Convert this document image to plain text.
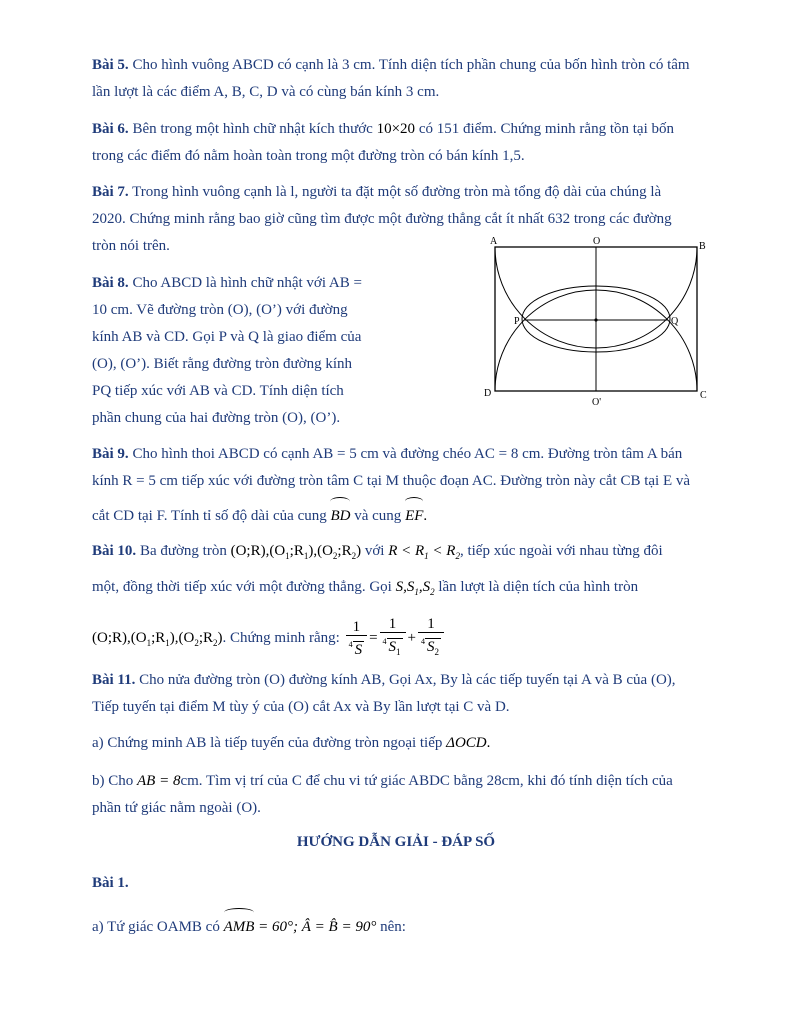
Bài 5. Cho hình vuông ABCD có cạnh là 3 cm. Tính diện tích phần chung của bốn hình tròn có tâm
lần lượt là các điểm A, B, C, D và có cùng bán kính 3 cm.
Bài 6. Bên trong một hình chữ nhật kích thước 10×20 có 151 điểm. Chứng minh rằng tồn tại bốn
trong các điểm đó nằm hoàn toàn trong một đường tròn có bán kính 1,5.
Bài 7. Trong hình vuông cạnh là l, người ta đặt một số đường tròn mà tổng độ dài của chúng là
2020. Chứng minh rằng bao giờ cũng tìm được một đường thẳng cắt ít nhất 632 trong các đường
tròn nói trên.
Bài 8. Cho ABCD là hình chữ nhật với AB =
10 cm. Vẽ đường tròn (O), (O’) với đường
kính AB và CD. Gọi P và Q là giao điểm của
(O), (O’). Biết rằng đường tròn đường kính
PQ tiếp xúc với AB và CD. Tính diện tích
phần chung của hai đường tròn (O), (O’).
A	O	B
P	Q
D	C
O'
Bài 9. Cho hình thoi ABCD có cạnh AB = 5 cm và đường chéo AC = 8 cm. Đường tròn tâm A bán
kính R = 5 cm tiếp xúc với đường tròn tâm C tại M thuộc đoạn AC. Đường tròn này cắt CB tại E và
cắt CD tại F. Tính tỉ số độ dài của cung BD và cung EF.
Bài 10. Ba đường tròn $(O;R),(O_1;R_1),(O_2;R_2)$ với $R < R_1 < R_2$, tiếp xúc ngoài với nhau từng đôi

một, đồng thời tiếp xúc với một đường thẳng. Gọi $S,S_1,S_2$ lần lượt là diện tích của hình tròn
$(O;R),(O_1;R_1),(O_2;R_2)$. Chứng minh rằng: $\frac{1}{^4 S} = \frac{1}{^4 S_1} + \frac{1}{^4 S_2}$
Bài 11. Cho nửa đường tròn (O) đường kính AB, Gọi Ax, By là các tiếp tuyến tại A và B của (O),
Tiếp tuyến tại điểm M tùy ý của (O) cắt Ax và By lần lượt tại C và D.
a) Chứng minh AB là tiếp tuyến của đường tròn ngoại tiếp ΔOCD.
b) Cho AB = 8cm. Tìm vị trí của C để chu vi tứ giác ABDC bằng 28cm, khi đó tính diện tích của
phần tứ giác nằm ngoài (O).
HƯỚNG DẪN GIẢI - ĐÁP SỐ
Bài 1.
a) Tứ giác OAMB có AMB = 60°; Â = B̂ = 90° nên:
